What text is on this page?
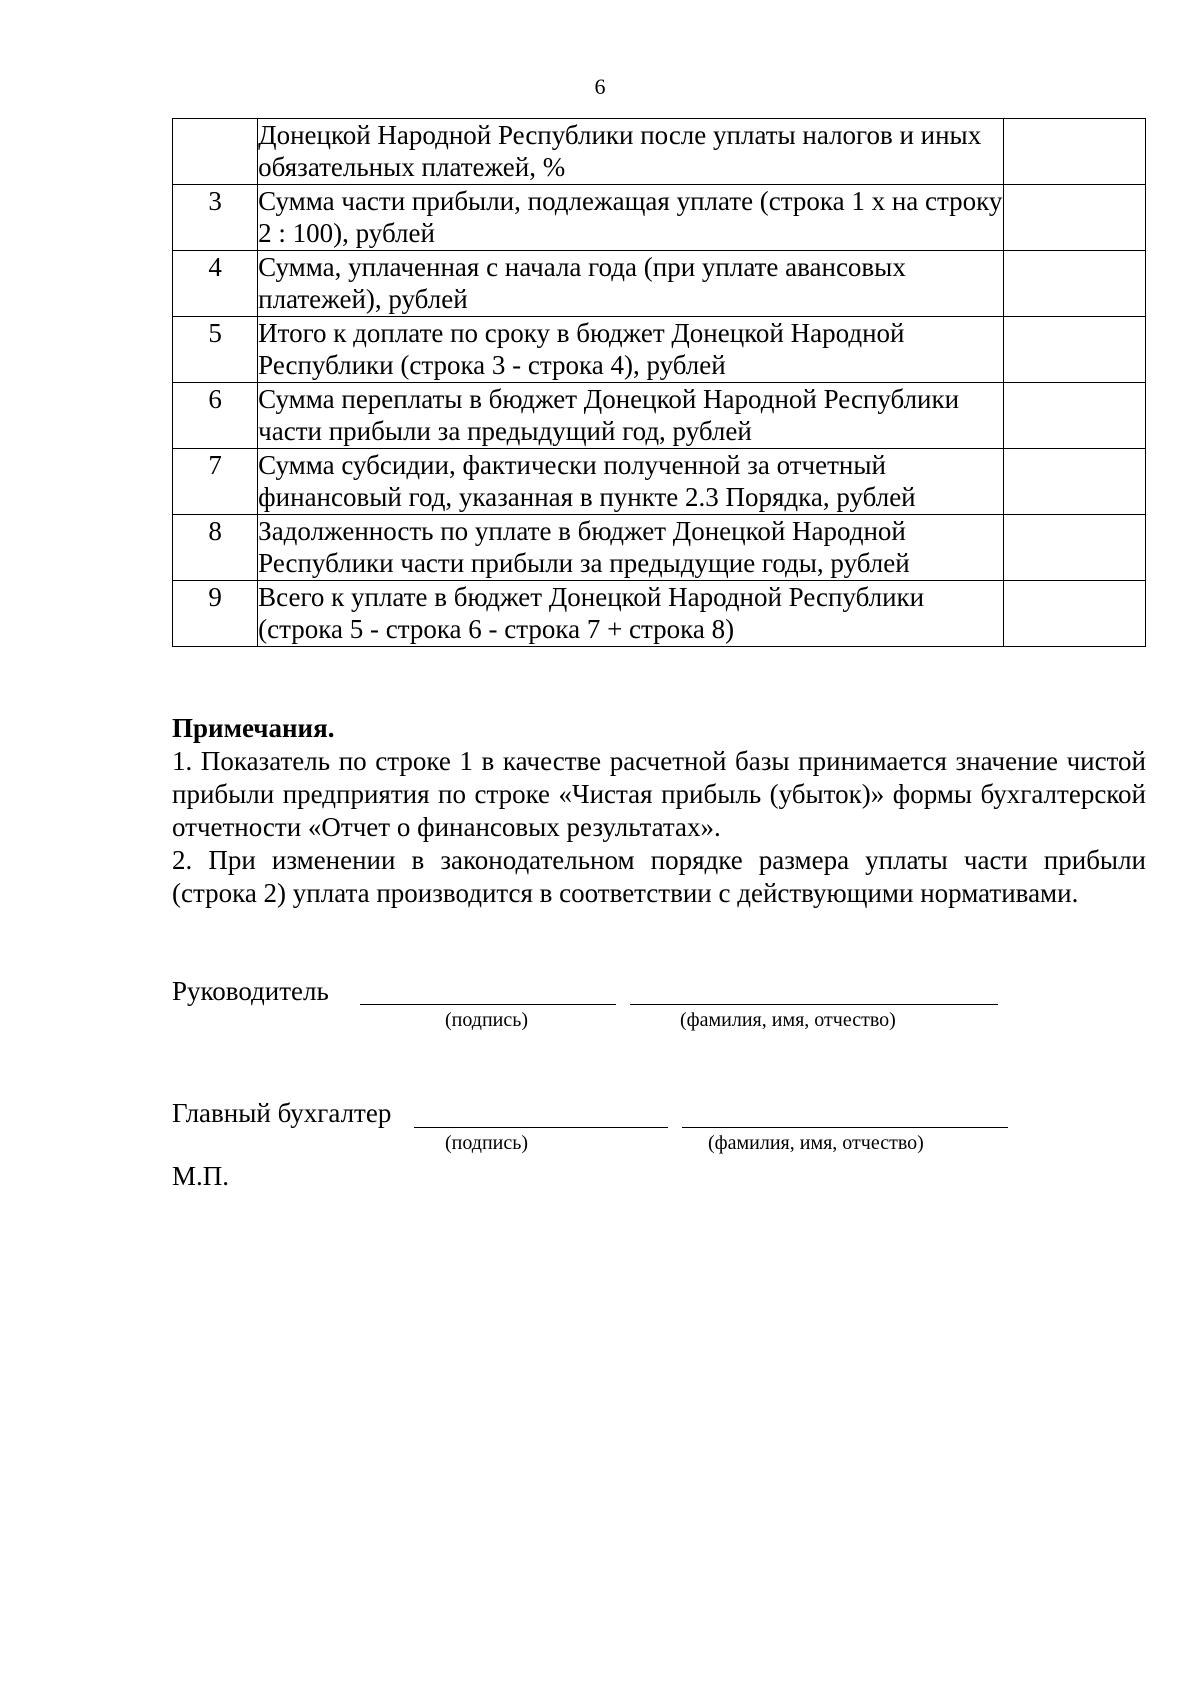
6
	Донецкой Народной Республики после уплаты налогов и иных обязательных платежей, %	
3	Сумма части прибыли, подлежащая уплате (строка 1 х на строку 2 : 100), рублей	
4	Сумма, уплаченная с начала года (при уплате авансовых платежей), рублей	
5	Итого к доплате по сроку в бюджет Донецкой Народной Республики (строка 3 - строка 4), рублей	
6	Сумма переплаты в бюджет Донецкой Народной Республики части прибыли за предыдущий год, рублей	
7	Сумма субсидии, фактически полученной за отчетный финансовый год, указанная в пункте 2.3 Порядка, рублей	
8	Задолженность по уплате в бюджет Донецкой Народной Республики части прибыли за предыдущие годы, рублей	
9	Всего к уплате в бюджет Донецкой Народной Республики (строка 5 - строка 6 - строка 7 + строка 8)	
Примечания.

1. Показатель по строке 1 в качестве расчетной базы принимается значение чистой прибыли предприятия по строке «Чистая прибыль (убыток)» формы бухгалтерской отчетности «Отчет о финансовых результатах».

2. При изменении в законодательном порядке размера уплаты части прибыли (строка 2) уплата производится в соответствии с действующими нормативами.

Руководитель
(подпись)	(фамилия, имя, отчество)
Главный бухгалтер
(подпись)	(фамилия, имя, отчество)
М.П.
